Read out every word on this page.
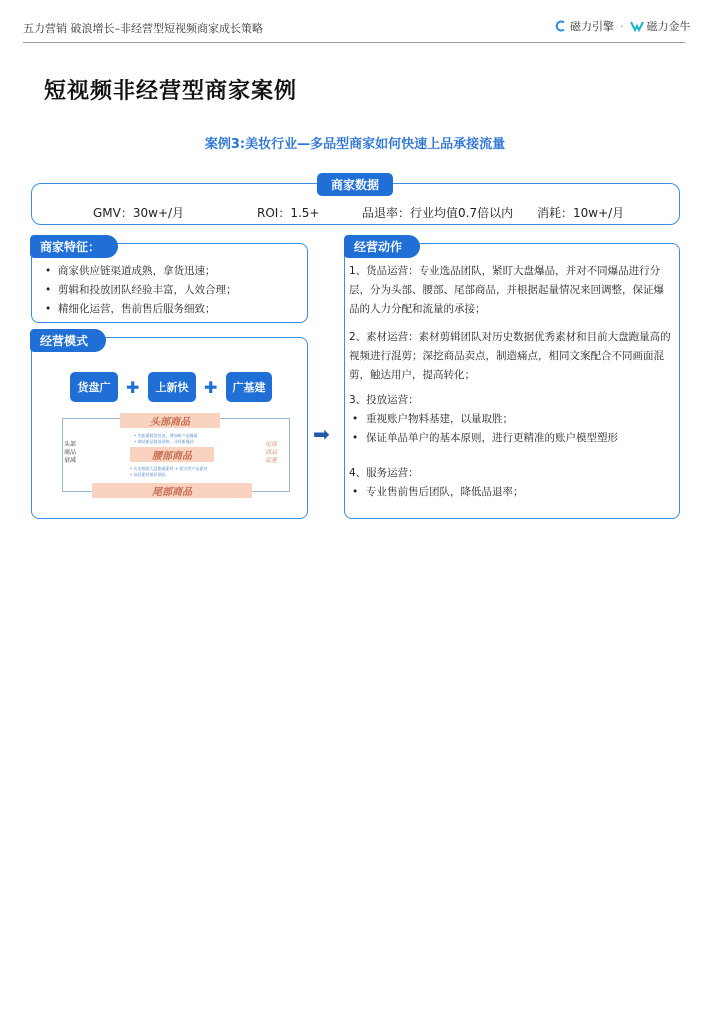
五力营销 破浪增长–非经营型短视频商家成长策略	磁力引擎 · 磁力金牛
短视频非经营型商家案例
案例3:美妆行业—多品型商家如何快速上品承接流量
商家数据
GMV：30w+/月	ROI：1.5+	品退率：行业均值0.7倍以内 消耗：10w+/月
商家特征：
• 商家供应链渠道成熟，拿货迅速；
• 剪辑和投放团队经验丰富，人效合理；
• 精细化运营，售前售后服务细致；
经营模式
货盘广 ✚	上新快 ✚	广基建
头部商品
腰部商品
尾部商品
头部
商品
衰减
尾部
商品
起量
• 先配量精准投放，增加新产品爆量
• 测试新品提前预热，寻找新爆款
• 历史数据大盘跑量素材 + 相关性产品素材
• 高投素材低价测品
➡
经营动作

1、货品运营：专业选品团队，紧盯大盘爆品，并对不同爆品进行分层，分为头部、腰部、尾部商品，并根据起量情况来回调整，保证爆品的人力分配和流量的承接；

2、素材运营：素材剪辑团队对历史数据优秀素材和目前大盘跑量高的视频进行混剪；深挖商品卖点，制造痛点，相同文案配合不同画面混剪，触达用户，提高转化；

3、投放运营：

• 重视账户物料基建，以量取胜；

• 保证单品单户的基本原则，进行更精准的账户模型塑形

4、服务运营：

• 专业售前售后团队，降低品退率；
